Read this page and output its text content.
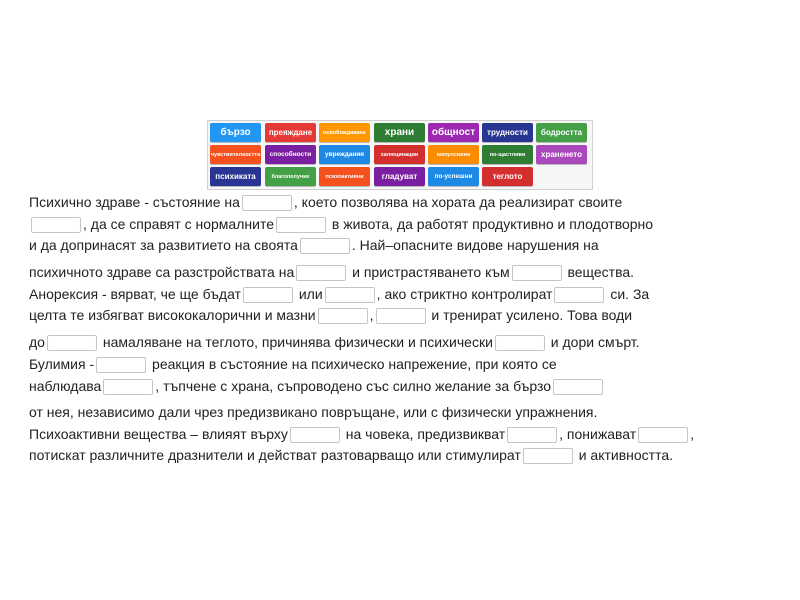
бързо	преяждане	освобождаване	храни	общност	трудности	бодростта
чувствителността	способности	увреждания	халюцинации	импулсивно	по-щастливи	храненето
психиката	благополучие	психоактивни	гладуват	по-успешни	теглото
Психично здраве - състояние на	, което позволява на хората да реализират своите
, да се справят с нормалните	в живота, да работят продуктивно и плодотворно
и да допринасят за развитието на своята	. Най–опасните видове нарушения на
психичното здраве са разстройствата на	и пристрастяването към	вещества.
Анорексия - вярват, че ще бъдат	или	, ако стриктно контролират	си. За
целта те избягват висококалорични и мазни	,	и тренират усилено. Това води
до	намаляване на теглото, причинява физически и психически	и дори смърт.
Булимия -	реакция в състояние на психическо напрежение, при която се
наблюдава	, тъпчене с храна, съпроводено със силно желание за бързо
от нея, независимо дали чрез предизвикано повръщане, или с физически упражнения.
Психоактивни вещества – влияят върху	на човека, предизвикват	, понижават	,
потискат различните дразнители и действат разтоварващо или стимулират	и активността.
